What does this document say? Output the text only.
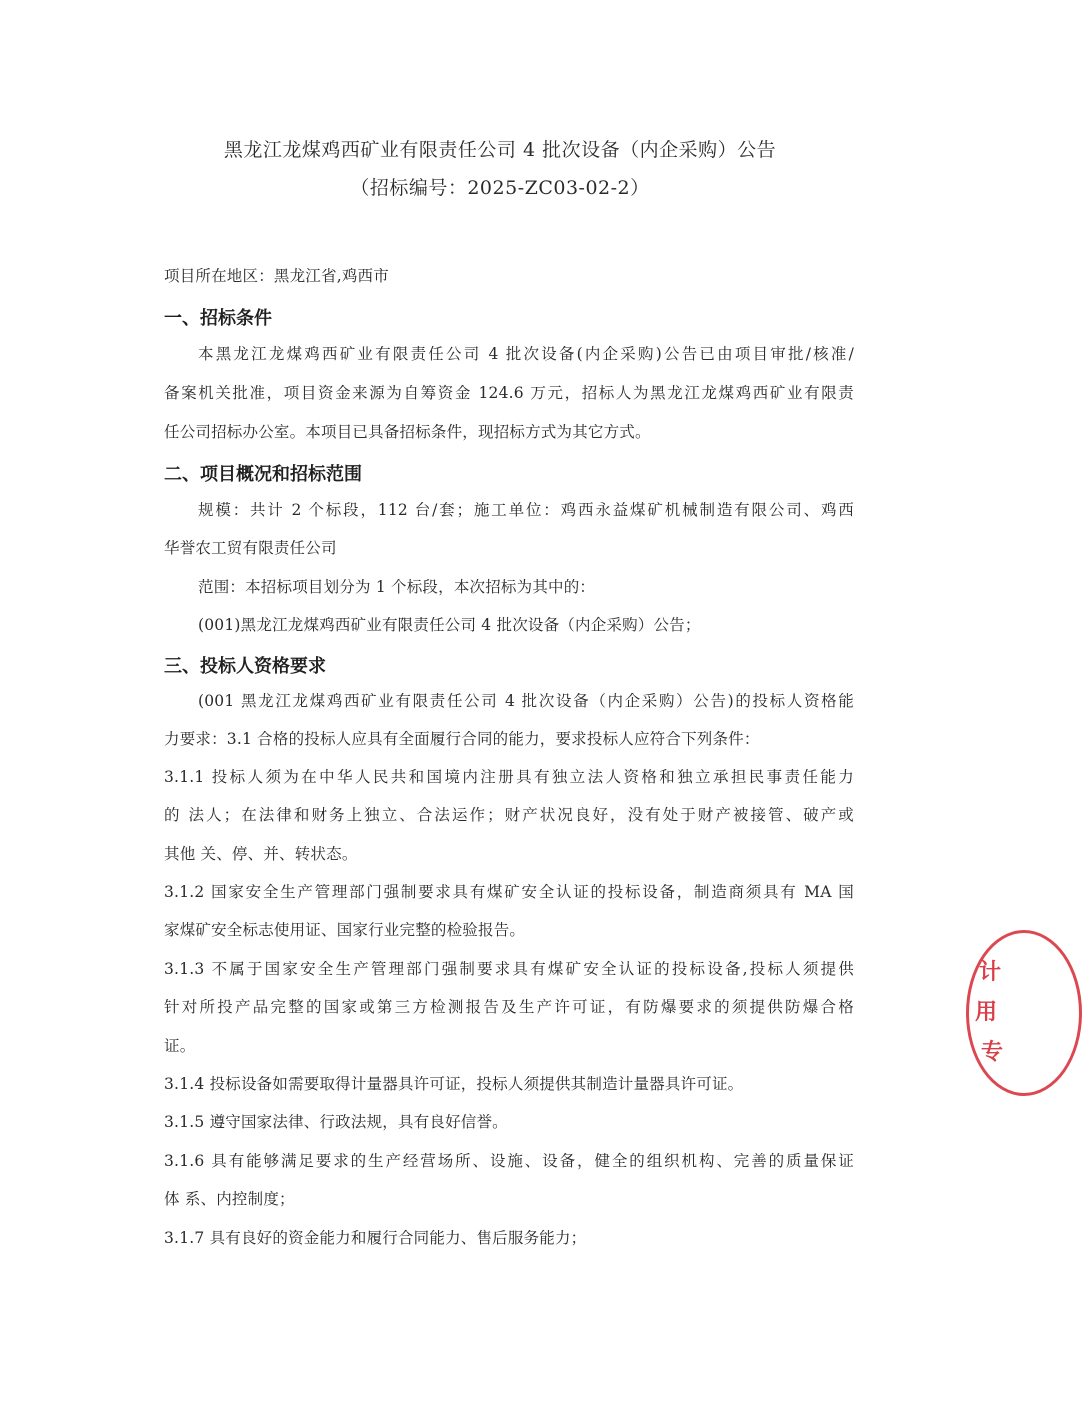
黑龙江龙煤鸡西矿业有限责任公司 4 批次设备（内企采购）公告
（招标编号：2025-ZC03-02-2）
项目所在地区：黑龙江省,鸡西市
一、招标条件
本黑龙江龙煤鸡西矿业有限责任公司 4 批次设备(内企采购)公告已由项目审批/核准/
备案机关批准，项目资金来源为自筹资金 124.6 万元，招标人为黑龙江龙煤鸡西矿业有限责
任公司招标办公室。本项目已具备招标条件，现招标方式为其它方式。
二、项目概况和招标范围
规模：共计 2 个标段，112 台/套；施工单位：鸡西永益煤矿机械制造有限公司、鸡西
华誉农工贸有限责任公司
范围：本招标项目划分为 1 个标段，本次招标为其中的：
(001)黑龙江龙煤鸡西矿业有限责任公司 4 批次设备（内企采购）公告；
三、投标人资格要求
(001 黑龙江龙煤鸡西矿业有限责任公司 4 批次设备（内企采购）公告)的投标人资格能
力要求：3.1 合格的投标人应具有全面履行合同的能力，要求投标人应符合下列条件：
3.1.1 投标人须为在中华人民共和国境内注册具有独立法人资格和独立承担民事责任能力
的 法人；在法律和财务上独立、合法运作；财产状况良好，没有处于财产被接管、破产或
其他 关、停、并、转状态。
3.1.2 国家安全生产管理部门强制要求具有煤矿安全认证的投标设备，制造商须具有 MA 国
家煤矿安全标志使用证、国家行业完整的检验报告。
3.1.3 不属于国家安全生产管理部门强制要求具有煤矿安全认证的投标设备,投标人须提供
针对所投产品完整的国家或第三方检测报告及生产许可证，有防爆要求的须提供防爆合格
证。
3.1.4 投标设备如需要取得计量器具许可证，投标人须提供其制造计量器具许可证。
3.1.5 遵守国家法律、行政法规，具有良好信誉。
3.1.6 具有能够满足要求的生产经营场所、设施、设备，健全的组织机构、完善的质量保证
体 系、内控制度；
3.1.7 具有良好的资金能力和履行合同能力、售后服务能力；
计
用
专
